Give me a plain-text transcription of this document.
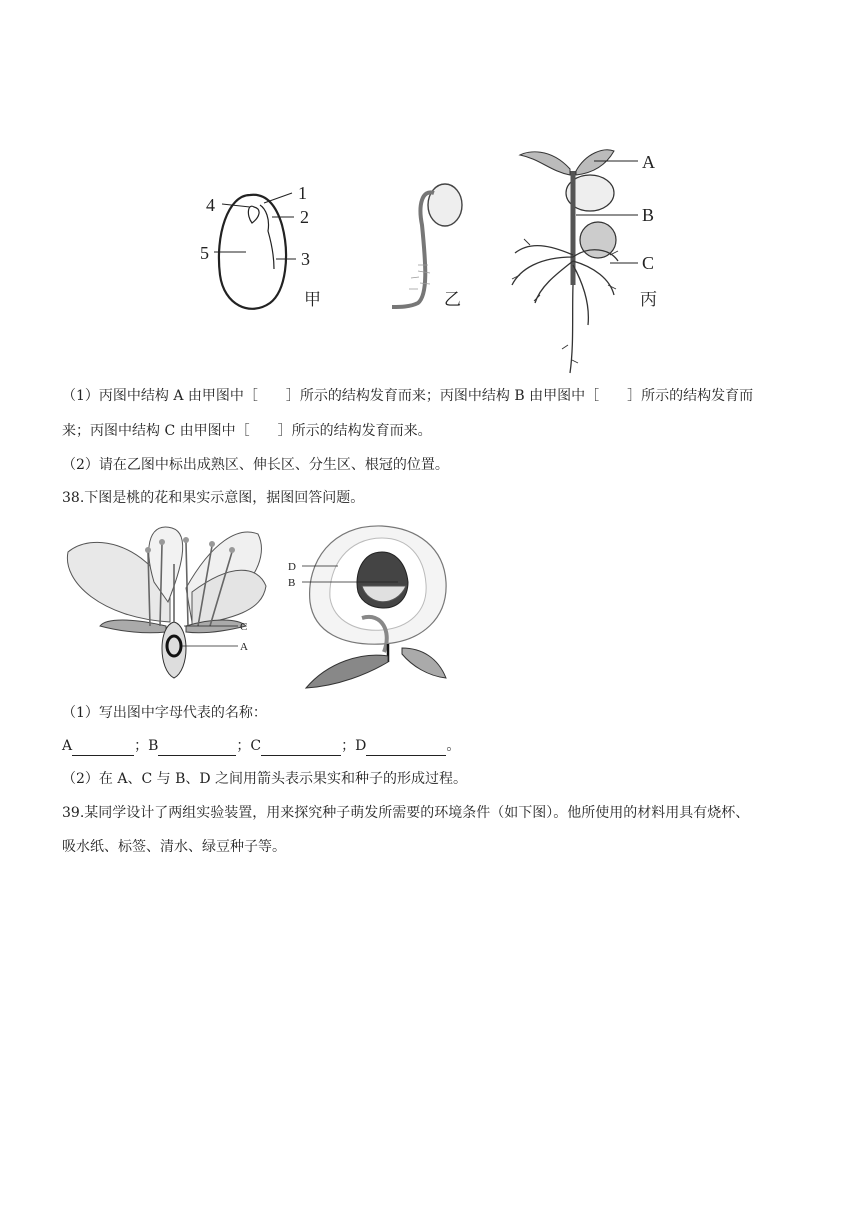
1
2
3
4
5
甲	乙
A
B
C
丙
（1）丙图中结构 A 由甲图中［　　］所示的结构发育而来；丙图中结构 B 由甲图中［　　］所示的结构发育而
来；丙图中结构 C 由甲图中［　　］所示的结构发育而来。
（2）请在乙图中标出成熟区、伸长区、分生区、根冠的位置。
38.下图是桃的花和果实示意图，据图回答问题。
C
A
D
B
（1）写出图中字母代表的名称：
A	；B	；C	；D	。
（2）在 A、C 与 B、D 之间用箭头表示果实和种子的形成过程。
39.某同学设计了两组实验装置，用来探究种子萌发所需要的环境条件（如下图）。他所使用的材料用具有烧杯、
吸水纸、标签、清水、绿豆种子等。
